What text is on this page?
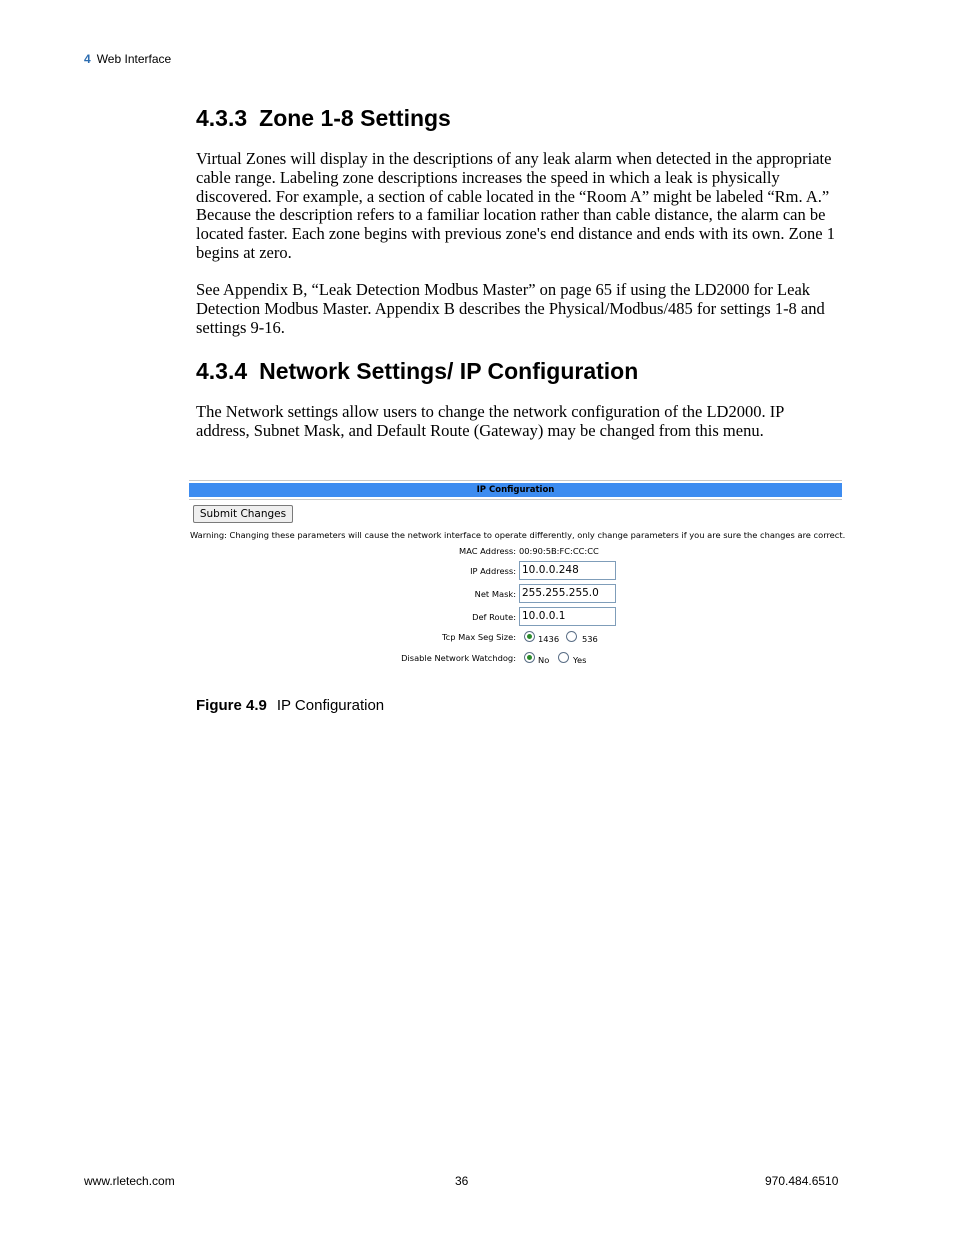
4 Web Interface
4.3.3 Zone 1-8 Settings

Virtual Zones will display in the descriptions of any leak alarm when detected in the appropriate cable range. Labeling zone descriptions increases the speed in which a leak is physically discovered. For example, a section of cable located in the “Room A” might be labeled “Rm. A.” Because the description refers to a familiar location rather than cable distance, the alarm can be located faster. Each zone begins with previous zone's end distance and ends with its own. Zone 1 begins at zero.

See Appendix B, “Leak Detection Modbus Master” on page 65 if using the LD2000 for Leak Detection Modbus Master. Appendix B describes the Physical/Modbus/485 for settings 1-8 and settings 9-16.

4.3.4 Network Settings/ IP Configuration

The Network settings allow users to change the network configuration of the LD2000. IP address, Subnet Mask, and Default Route (Gateway) may be changed from this menu.

IP Configuration
Submit Changes
Warning: Changing these parameters will cause the network interface to operate differently, only change parameters if you are sure the changes are correct.
MAC Address: 00:90:5B:FC:CC:CC
IP Address: 10.0.0.248
Net Mask: 255.255.255.0
Def Route: 10.0.0.1
Tcp Max Seg Size:	1436	536
Disable Network Watchdog:	No	Yes
Figure 4.9 IP Configuration
www.rletech.com	36	970.484.6510
